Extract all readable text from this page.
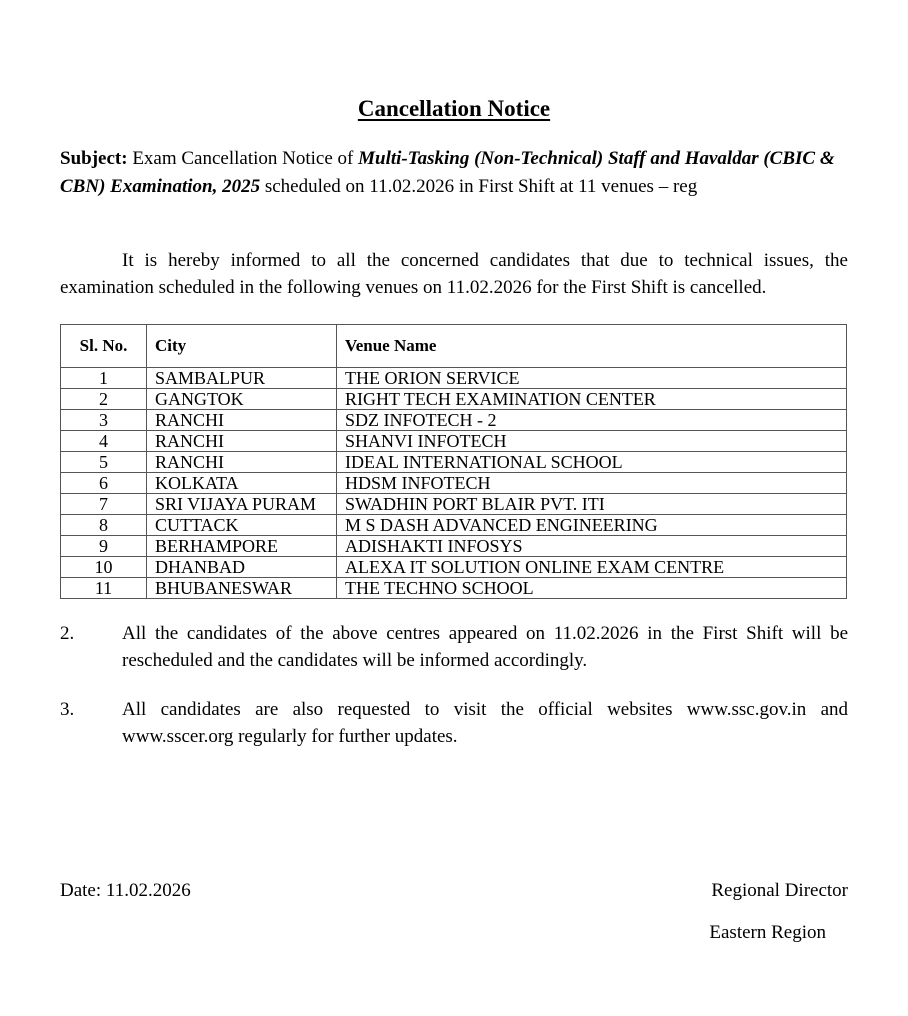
Cancellation Notice
Subject: Exam Cancellation Notice of Multi-Tasking (Non-Technical) Staff and Havaldar (CBIC & CBN) Examination, 2025 scheduled on 11.02.2026 in First Shift at 11 venues – reg
It is hereby informed to all the concerned candidates that due to technical issues, the examination scheduled in the following venues on 11.02.2026 for the First Shift is cancelled.
Sl. No.	City	Venue Name
1	SAMBALPUR	THE ORION SERVICE
2	GANGTOK	RIGHT TECH EXAMINATION CENTER
3	RANCHI	SDZ INFOTECH - 2
4	RANCHI	SHANVI INFOTECH
5	RANCHI	IDEAL INTERNATIONAL SCHOOL
6	KOLKATA	HDSM INFOTECH
7	SRI VIJAYA PURAM	SWADHIN PORT BLAIR PVT. ITI
8	CUTTACK	M S DASH ADVANCED ENGINEERING
9	BERHAMPORE	ADISHAKTI INFOSYS
10	DHANBAD	ALEXA IT SOLUTION ONLINE EXAM CENTRE
11	BHUBANESWAR	THE TECHNO SCHOOL
2.	All the candidates of the above centres appeared on 11.02.2026 in the First Shift will be rescheduled and the candidates will be informed accordingly.
3.	All candidates are also requested to visit the official websites www.ssc.gov.in and www.sscer.org regularly for further updates.
Date: 11.02.2026	Regional Director
Eastern Region
